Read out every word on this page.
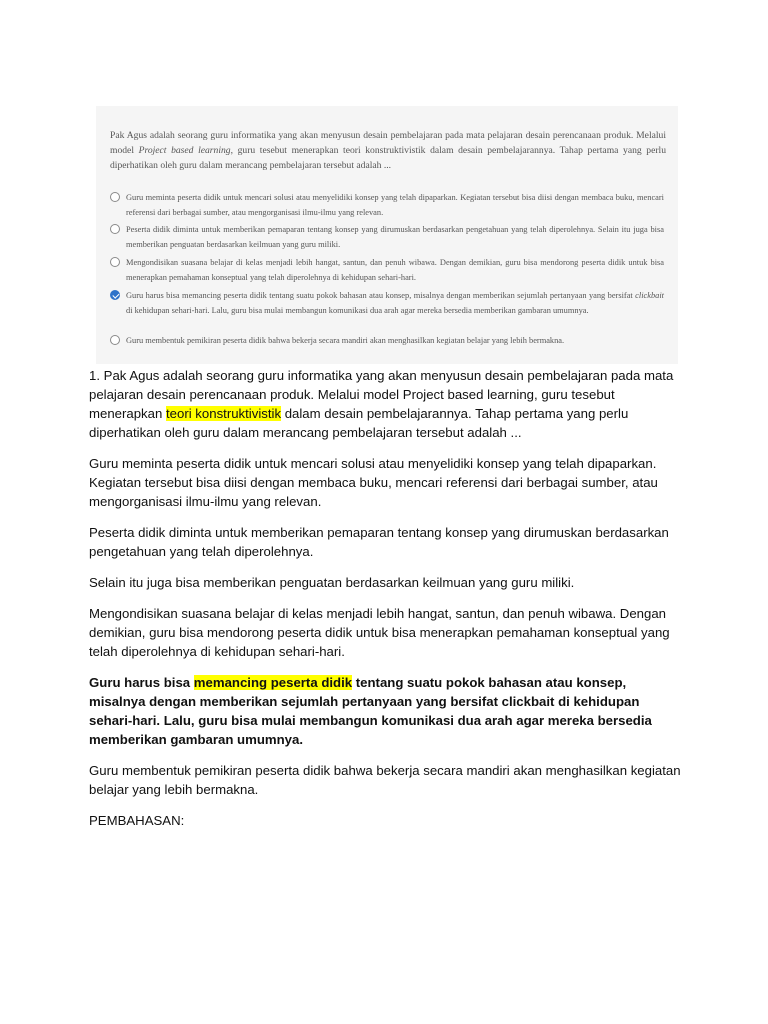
Pak Agus adalah seorang guru informatika yang akan menyusun desain pembelajaran pada mata pelajaran desain perencanaan produk. Melalui model Project based learning, guru tesebut menerapkan teori konstruktivistik dalam desain pembelajarannya. Tahap pertama yang perlu diperhatikan oleh guru dalam merancang pembelajaran tersebut adalah ...
Guru meminta peserta didik untuk mencari solusi atau menyelidiki konsep yang telah dipaparkan. Kegiatan tersebut bisa diisi dengan membaca buku, mencari referensi dari berbagai sumber, atau mengorganisasi ilmu-ilmu yang relevan.
Peserta didik diminta untuk memberikan pemaparan tentang konsep yang dirumuskan berdasarkan pengetahuan yang telah diperolehnya. Selain itu juga bisa memberikan penguatan berdasarkan keilmuan yang guru miliki.
Mengondisikan suasana belajar di kelas menjadi lebih hangat, santun, dan penuh wibawa. Dengan demikian, guru bisa mendorong peserta didik untuk bisa menerapkan pemahaman konseptual yang telah diperolehnya di kehidupan sehari-hari.
Guru harus bisa memancing peserta didik tentang suatu pokok bahasan atau konsep, misalnya dengan memberikan sejumlah pertanyaan yang bersifat clickbait di kehidupan sehari-hari. Lalu, guru bisa mulai membangun komunikasi dua arah agar mereka bersedia memberikan gambaran umumnya.
Guru membentuk pemikiran peserta didik bahwa bekerja secara mandiri akan menghasilkan kegiatan belajar yang lebih bermakna.

1. Pak Agus adalah seorang guru informatika yang akan menyusun desain pembelajaran pada mata pelajaran desain perencanaan produk. Melalui model Project based learning, guru tesebut menerapkan teori konstruktivistik dalam desain pembelajarannya. Tahap pertama yang perlu diperhatikan oleh guru dalam merancang pembelajaran tersebut adalah ...

Guru meminta peserta didik untuk mencari solusi atau menyelidiki konsep yang telah dipaparkan. Kegiatan tersebut bisa diisi dengan membaca buku, mencari referensi dari berbagai sumber, atau mengorganisasi ilmu-ilmu yang relevan.

Peserta didik diminta untuk memberikan pemaparan tentang konsep yang dirumuskan berdasarkan pengetahuan yang telah diperolehnya.

Selain itu juga bisa memberikan penguatan berdasarkan keilmuan yang guru miliki.

Mengondisikan suasana belajar di kelas menjadi lebih hangat, santun, dan penuh wibawa. Dengan demikian, guru bisa mendorong peserta didik untuk bisa menerapkan pemahaman konseptual yang telah diperolehnya di kehidupan sehari-hari.

Guru harus bisa memancing peserta didik tentang suatu pokok bahasan atau konsep, misalnya dengan memberikan sejumlah pertanyaan yang bersifat clickbait di kehidupan sehari-hari. Lalu, guru bisa mulai membangun komunikasi dua arah agar mereka bersedia memberikan gambaran umumnya.

Guru membentuk pemikiran peserta didik bahwa bekerja secara mandiri akan menghasilkan kegiatan belajar yang lebih bermakna.

PEMBAHASAN:
